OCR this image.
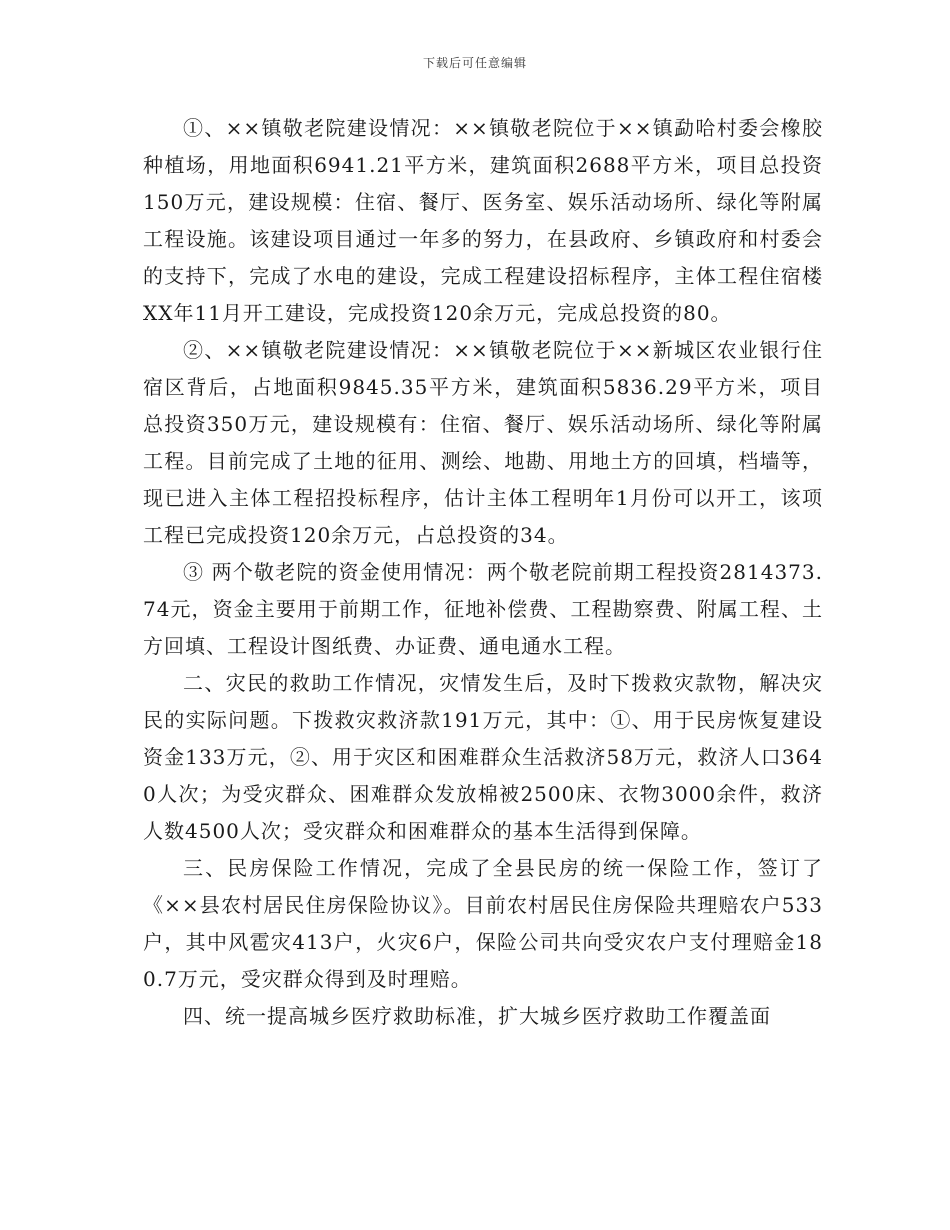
下载后可任意编辑

①、××镇敬老院建设情况：××镇敬老院位于××镇勐哈村委会橡胶种植场，用地面积6941.21平方米，建筑面积2688平方米，项目总投资150万元，建设规模：住宿、餐厅、医务室、娱乐活动场所、绿化等附属工程设施。该建设项目通过一年多的努力，在县政府、乡镇政府和村委会的支持下，完成了水电的建设，完成工程建设招标程序，主体工程住宿楼XX年11月开工建设，完成投资120余万元，完成总投资的80。

②、××镇敬老院建设情况：××镇敬老院位于××新城区农业银行住宿区背后，占地面积9845.35平方米，建筑面积5836.29平方米，项目总投资350万元，建设规模有：住宿、餐厅、娱乐活动场所、绿化等附属工程。目前完成了土地的征用、测绘、地勘、用地土方的回填，档墙等，现已进入主体工程招投标程序，估计主体工程明年1月份可以开工，该项工程已完成投资120余万元，占总投资的34。

③ 两个敬老院的资金使用情况：两个敬老院前期工程投资2814373.74元，资金主要用于前期工作，征地补偿费、工程勘察费、附属工程、土方回填、工程设计图纸费、办证费、通电通水工程。

二、灾民的救助工作情况，灾情发生后，及时下拨救灾款物，解决灾民的实际问题。下拨救灾救济款191万元，其中：①、用于民房恢复建设资金133万元，②、用于灾区和困难群众生活救济58万元，救济人口3640人次；为受灾群众、困难群众发放棉被2500床、衣物3000余件，救济人数4500人次；受灾群众和困难群众的基本生活得到保障。

三、民房保险工作情况，完成了全县民房的统一保险工作，签订了《××县农村居民住房保险协议》。目前农村居民住房保险共理赔农户533户，其中风雹灾413户，火灾6户，保险公司共向受灾农户支付理赔金180.7万元，受灾群众得到及时理赔。

四、统一提高城乡医疗救助标准，扩大城乡医疗救助工作覆盖面
